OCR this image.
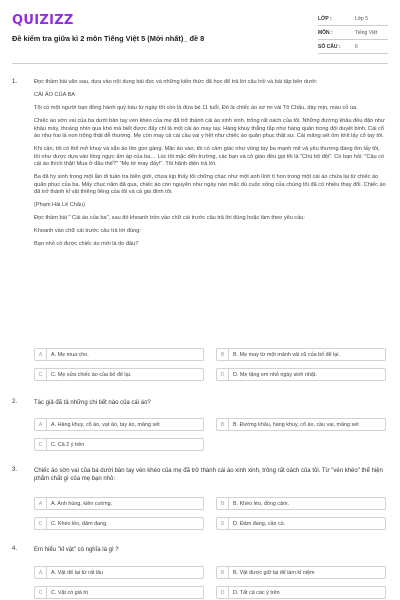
QUIZIZZ
Đề kiểm tra giữa kì 2 môn Tiếng Việt 5 (Mới nhất)_ đề 8
LỚP :	Lớp 5
MÔN :	Tiếng Việt
SỐ CÂU :	6
1.	Đọc thầm bài văn sau, dựa vào nội dung bài đọc và những kiến thức đã học để trả lời câu hỏi và bài tập bên dưới:

CÁI ÁO CỦA BA

Tôi có một người bạn đồng hành quý báu từ ngày tôi còn là đứa bé 11 tuổi. Đó là chiếc áo sơ mi vải Tô Châu, dày mịn, màu cỏ úa.

Chiếc áo sờn vai của ba dưới bàn tay vén khéo của mẹ đã trở thành cái áo xinh xinh, trông rất oách của tôi. Những đường khâu đều đặn như khâu máy, thoáng nhìn qua khó mà biết được đấy chỉ là một cái áo may tay. Hàng khuy thẳng tắp như hàng quân trong đội duyệt binh. Cái cổ áo như hai lá non trông thật dễ thương. Mẹ còn may cả cái cầu vai y hệt như chiếc áo quân phục thật sự. Cái măng sét ôm khít lấy cổ tay tôi.

Khi cần, tôi có thể mở khuy và xắn áo lên gọn gàng. Mặc áo vào, tôi có cảm giác như vòng tay ba mạnh mẽ và yêu thương đang ôm lấy tôi, tôi như được dựa vào lồng ngực ấm áp của ba… Lúc tôi mặc đến trường, các bạn và cô giáo đều gọi tôi là "Chú bộ đội". Có bạn hỏi: "Cậu có cái áo thích thật! Mua ở đâu thế?" "Mẹ tớ may đấy!". Tôi hãnh diện trả lời.

Ba đã hy sinh trong một lần đi tuần tra biên giới, chưa kịp thấy tôi chững chạc như một anh lính tí hon trong một cái áo chứa lại từ chiếc áo quân phục của ba. Mấy chục năm đã qua, chiếc áo còn nguyên như ngày nào mặc dù cuộc sống của chúng tôi đã có nhiều thay đổi. Chiếc áo đã trở thành kỉ vật thiêng liêng của tôi và cả gia đình tôi.

(Phạm Hải Lê Châu)

Đọc thầm bài " Cái áo của ba", sau đó khoanh tròn vào chữ cái trước câu trả lời đúng hoặc làm theo yêu cầu:

Khoanh vào chữ cái trước câu trả lời đúng:

Bạn nhỏ có được chiếc áo mới là do đâu?

A	A. Mẹ mua cho.	B	B. Mẹ may từ một mảnh vải cũ của bố để lại.
C	C. Mẹ sửa chiếc áo của bố để lại.	D	D. Mẹ tặng em nhỏ ngày sinh nhật.
2.	Tác giả đã tả những chi tiết nào của cái áo?

A	A. Hàng khuy, cổ áo, vạt áo, tay áo, măng sét	B	B. Đường khâu, hàng khuy, cổ áo, cầu vai, măng sét
C	C. Cả 2 ý trên
3.	Chiếc áo sờn vai của ba dưới bàn tay vén khéo của mẹ đã trở thành cái áo xinh xinh, trông rất oách của tôi. Từ "vén khéo" thể hiện phẩm chất gì của mẹ bạn nhỏ:

A	A. Anh hùng, kiên cường.	B	B. Khéo léo, đồng cảm.
C	C. Khéo léo, đảm đang.	D	D. Đảm đang, cần cù.
4.	Em hiểu "kỉ vật" có nghĩa là gì ?

A	A. Vật để lại từ rất lâu	B	B. Vật được giữ lại để làm kỉ niệm
C	C. Vật có giá trị	D	D. Tất cả các ý trên
